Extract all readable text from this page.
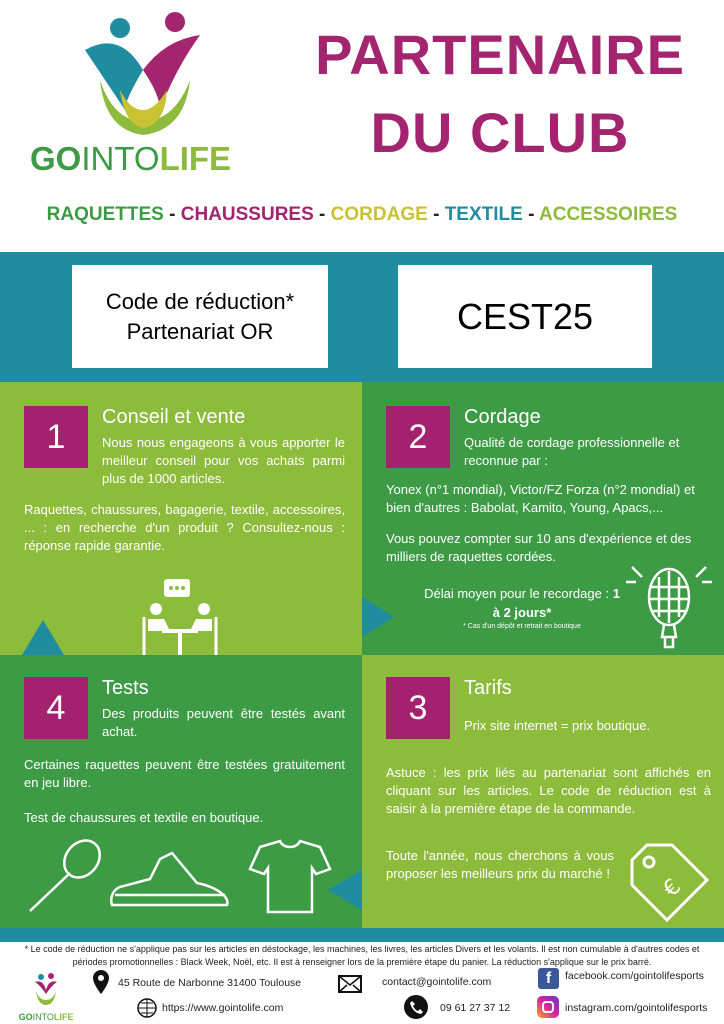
GOINTOLIFE
PARTENAIRE
DU CLUB
RAQUETTES - CHAUSSURES - CORDAGE - TEXTILE - ACCESSOIRES
Code de réduction*
Partenariat OR	CEST25
1
Conseil et vente
Nous nous engageons à vous apporter le meilleur conseil pour vos achats parmi plus de 1000 articles.
Raquettes, chaussures, bagagerie, textile, accessoires, ... : en recherche d'un produit ? Consultez-nous : réponse rapide garantie.
2
Cordage
Qualité de cordage professionnelle et reconnue par :
Yonex (n°1 mondial), Victor/FZ Forza (n°2 mondial) et bien d'autres : Babolat, Kamito, Young, Apacs,...
Vous pouvez compter sur 10 ans d'expérience et des milliers de raquettes cordées.
Délai moyen pour le recordage : 1 à 2 jours*
* Cas d'un dépôt et retrait en boutique
4
Tests
Des produits peuvent être testés avant achat.
Certaines raquettes peuvent être testées gratuitement en jeu libre.
Test de chaussures et textile en boutique.
3
Tarifs
Prix site internet = prix boutique.
Astuce : les prix liés au partenariat sont affichés en cliquant sur les articles. Le code de réduction est à saisir à la première étape de la commande.
Toute l'année, nous cherchons à vous proposer les meilleurs prix du marché !
€
* Le code de réduction ne s'applique pas sur les articles en déstockage, les machines, les livres, les articles Divers et les volants. Il est non cumulable à d'autres codes et périodes promotionnelles : Black Week, Noël, etc. Il est à renseigner lors de la première étape du panier. La réduction s'applique sur le prix barré.
GOINTOLIFE
45 Route de Narbonne 31400 Toulouse
https://www.gointolife.com
contact@gointolife.com
09 61 27 37 12
f	facebook.com/gointolifesports
instagram.com/gointolifesports
